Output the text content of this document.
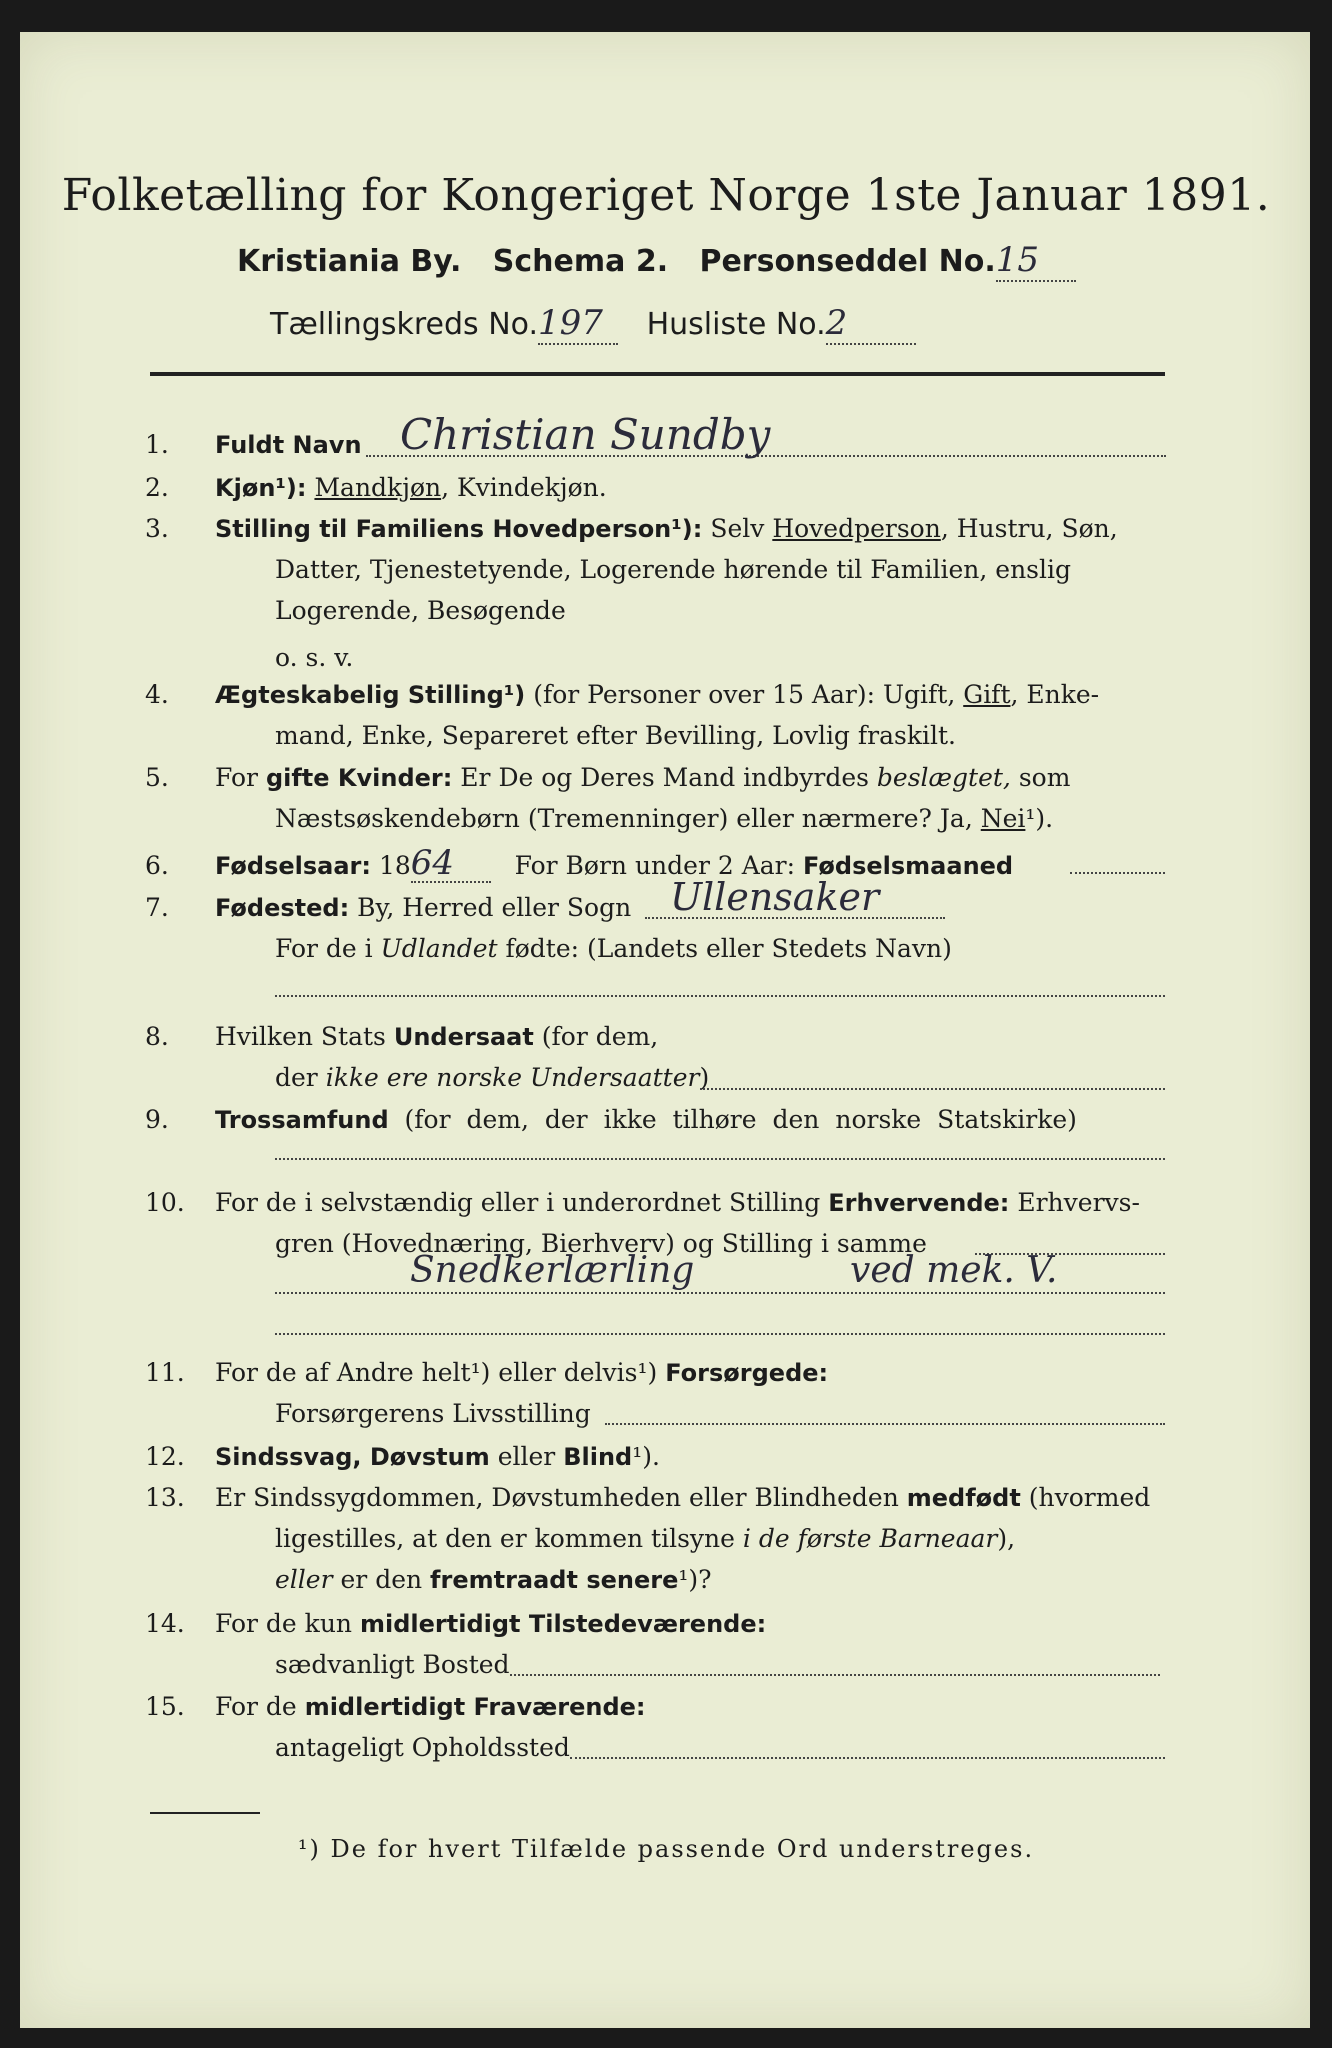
Folketælling for Kongeriget Norge 1ste Januar 1891.
Kristiania By. Schema 2. Personseddel No.15
Tællingskreds No.197 Husliste No.2
1. Fuldt Navn Christian Sundby
2. Kjøn¹): Mandkjøn, Kvindekjøn.
3. Stilling til Familiens Hovedperson¹): Selv Hovedperson, Hustru, Søn,
Datter, Tjenestetyende, Logerende hørende til Familien, enslig
Logerende, Besøgende
o. s. v.
4. Ægteskabelig Stilling¹) (for Personer over 15 Aar): Ugift, Gift, Enke-
mand, Enke, Separeret efter Bevilling, Lovlig fraskilt.
5. For gifte Kvinder: Er De og Deres Mand indbyrdes beslægtet, som
Næstsøskendebørn (Tremenninger) eller nærmere? Ja, Nei¹).
6. Fødselsaar: 1864 For Børn under 2 Aar: Fødselsmaaned
7. Fødested: By, Herred eller Sogn Ullensaker
For de i Udlandet fødte: (Landets eller Stedets Navn)
8. Hvilken Stats Undersaat (for dem,
der ikke ere norske Undersaatter)
9. Trossamfund (for dem, der ikke tilhøre den norske Statskirke)
10. For de i selvstændig eller i underordnet Stilling Erhvervende: Erhvervs-
gren (Hovednæring, Bierhverv) og Stilling i samme
Snedkerlærling	ved mek. V.
11. For de af Andre helt¹) eller delvis¹) Forsørgede:
Forsørgerens Livsstilling
12. Sindssvag, Døvstum eller Blind¹).
13. Er Sindssygdommen, Døvstumheden eller Blindheden medfødt (hvormed
ligestilles, at den er kommen tilsyne i de første Barneaar),
eller er den fremtraadt senere¹)?
14. For de kun midlertidigt Tilstedeværende:
sædvanligt Bosted
15. For de midlertidigt Fraværende:
antageligt Opholdssted
¹) De for hvert Tilfælde passende Ord understreges.
